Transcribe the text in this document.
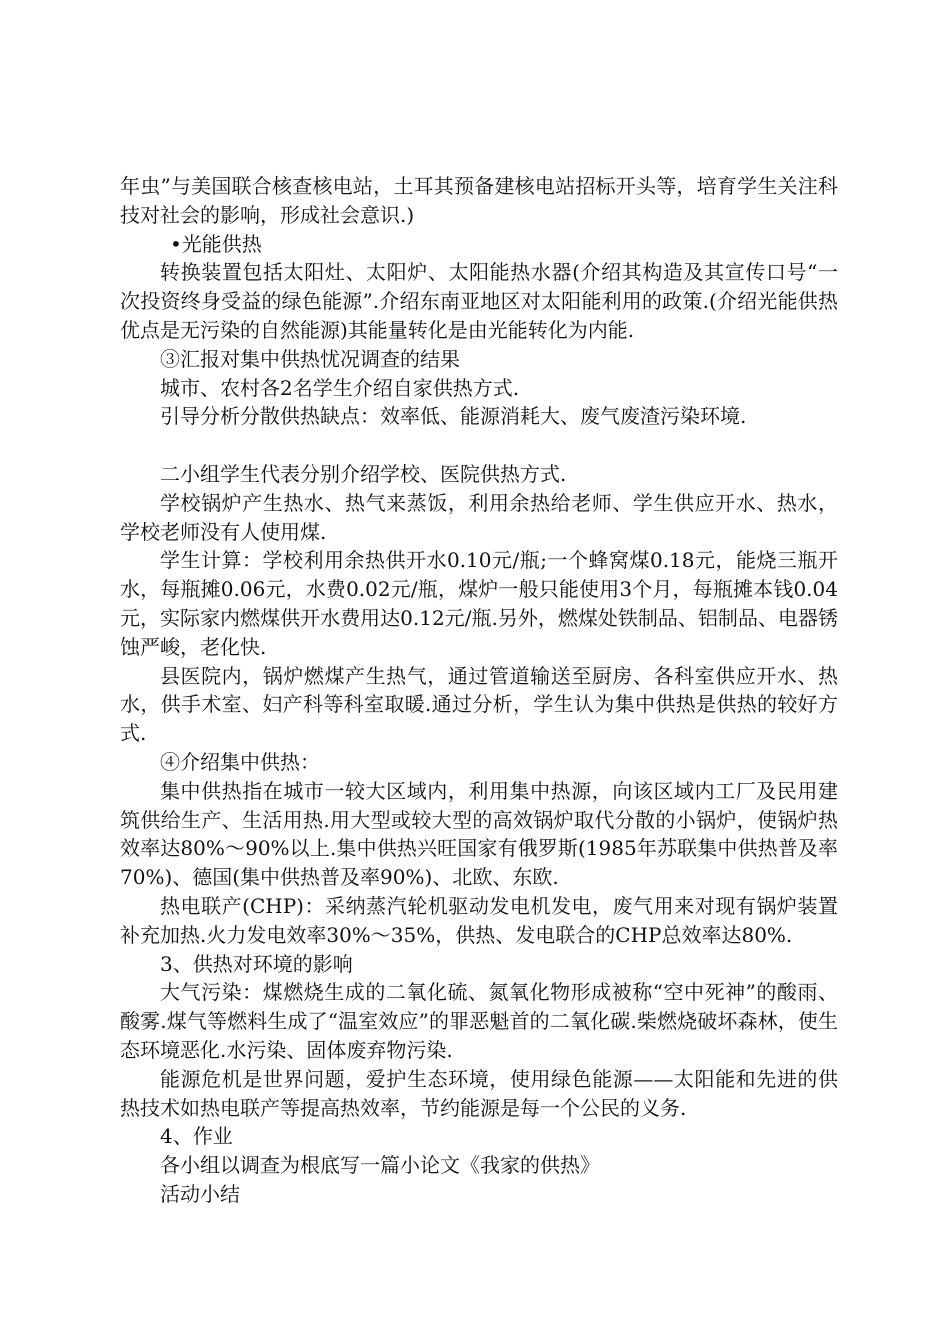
年虫”与美国联合核查核电站，土耳其预备建核电站招标开头等，培育学生关注科技对社会的影响，形成社会意识.)

•光能供热

转换装置包括太阳灶、太阳炉、太阳能热水器(介绍其构造及其宣传口号“一次投资终身受益的绿色能源”.介绍东南亚地区对太阳能利用的政策.(介绍光能供热优点是无污染的自然能源)其能量转化是由光能转化为内能.

③汇报对集中供热忧况调查的结果

城市、农村各2名学生介绍自家供热方式.

引导分析分散供热缺点：效率低、能源消耗大、废气废渣污染环境.

二小组学生代表分别介绍学校、医院供热方式.

学校锅炉产生热水、热气来蒸饭，利用余热给老师、学生供应开水、热水，学校老师没有人使用煤.

学生计算：学校利用余热供开水0.10元/瓶;一个蜂窝煤0.18元，能烧三瓶开水，每瓶摊0.06元，水费0.02元/瓶，煤炉一般只能使用3个月，每瓶摊本钱0.04元，实际家内燃煤供开水费用达0.12元/瓶.另外，燃煤处铁制品、铝制品、电器锈蚀严峻，老化快.

县医院内，锅炉燃煤产生热气，通过管道输送至厨房、各科室供应开水、热水，供手术室、妇产科等科室取暖.通过分析，学生认为集中供热是供热的较好方式.

④介绍集中供热：

集中供热指在城市一较大区域内，利用集中热源，向该区域内工厂及民用建筑供给生产、生活用热.用大型或较大型的高效锅炉取代分散的小锅炉，使锅炉热效率达80%～90%以上.集中供热兴旺国家有俄罗斯(1985年苏联集中供热普及率70%)、德国(集中供热普及率90%)、北欧、东欧.

热电联产(CHP)：采纳蒸汽轮机驱动发电机发电，废气用来对现有锅炉装置补充加热.火力发电效率30%～35%，供热、发电联合的CHP总效率达80%.

3、供热对环境的影响

大气污染：煤燃烧生成的二氧化硫、氮氧化物形成被称“空中死神”的酸雨、酸雾.煤气等燃料生成了“温室效应”的罪恶魁首的二氧化碳.柴燃烧破坏森林，使生态环境恶化.水污染、固体废弃物污染.

能源危机是世界问题，爱护生态环境，使用绿色能源——太阳能和先进的供热技术如热电联产等提高热效率，节约能源是每一个公民的义务.

4、作业

各小组以调查为根底写一篇小论文《我家的供热》

活动小结
